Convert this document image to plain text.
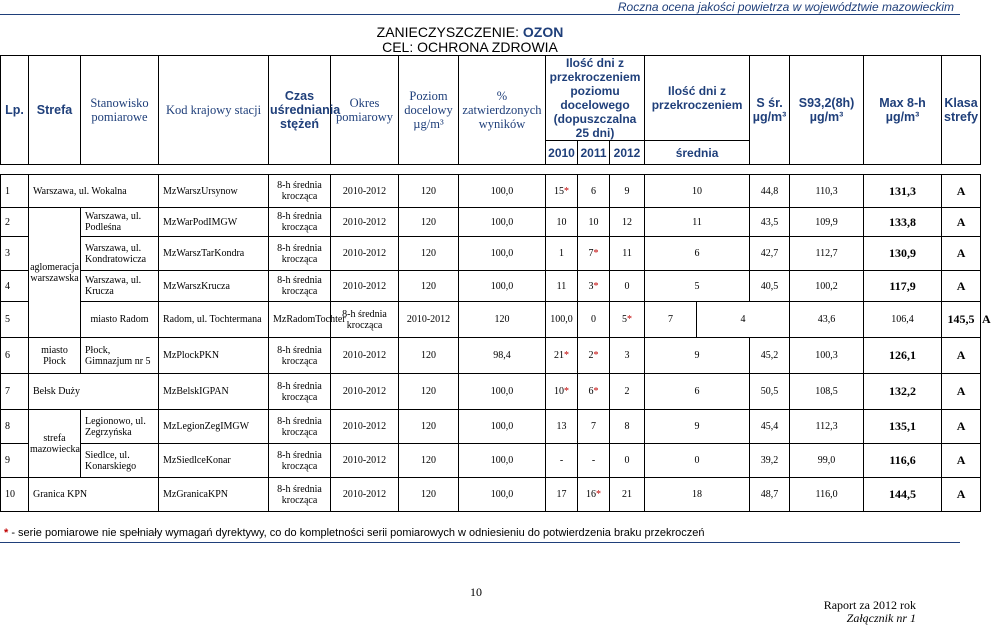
Roczna ocena jakości powietrza w województwie mazowieckim
ZANIECZYSZCZENIE: OZON
CEL: OCHRONA ZDROWIA
Lp.	Strefa	Stanowisko pomiarowe	Kod krajowy stacji	Czas uśredniania stężeń	Okres pomiarowy	Poziom docelowy µg/m³	% zatwierdzonych wyników	Ilość dni z przekroczeniem poziomu docelowego (dopuszczalna 25 dni)			Ilość dni z przekroczeniem		S śr. µg/m³	S93,2(8h) µg/m³	Max 8-h µg/m³	Klasa strefy	
								2010	2011	2012	średnia						

1	Warszawa, ul. Wokalna		MzWarszUrsynow	8-h średnia krocząca	2010-2012	120	100,0	15*	6	9	10		44,8	110,3	131,3	A	
2	aglomeracja warszawska	Warszawa, ul. Podleśna	MzWarPodIMGW	8-h średnia krocząca	2010-2012	120	100,0	10	10	12	11		43,5	109,9	133,8	A	
3		Warszawa, ul. Kondratowicza	MzWarszTarKondra	8-h średnia krocząca	2010-2012	120	100,0	1	7*	11	6		42,7	112,7	130,9	A	
4		Warszawa, ul. Krucza	MzWarszKrucza	8-h średnia krocząca	2010-2012	120	100,0	11	3*	0	5		40,5	100,2	117,9	A	
5		miasto Radom	Radom, ul. Tochtermana	MzRadomTochter	8-h średnia krocząca	2010-2012	120	100,0	0	5*	7	4		43,6	106,4	145,5	A
6	miasto Płock	Płock, Gimnazjum nr 5	MzPlockPKN	8-h średnia krocząca	2010-2012	120	98,4	21*	2*	3	9		45,2	100,3	126,1	A	
7	Bełsk Duży		MzBelskIGPAN	8-h średnia krocząca	2010-2012	120	100,0	10*	6*	2	6		50,5	108,5	132,2	A	
8	strefa mazowiecka	Legionowo, ul. Zegrzyńska	MzLegionZegIMGW	8-h średnia krocząca	2010-2012	120	100,0	13	7	8	9		45,4	112,3	135,1	A	
9		Siedlce, ul. Konarskiego	MzSiedlceKonar	8-h średnia krocząca	2010-2012	120	100,0	-	-	0	0		39,2	99,0	116,6	A	
10	Granica KPN		MzGranicaKPN	8-h średnia krocząca	2010-2012	120	100,0	17	16*	21	18		48,7	116,0	144,5	A	
* - serie pomiarowe nie spełniały wymagań dyrektywy, co do kompletności serii pomiarowych w odniesieniu do potwierdzenia braku przekroczeń
10
Raport za 2012 rok
Załącznik nr 1
